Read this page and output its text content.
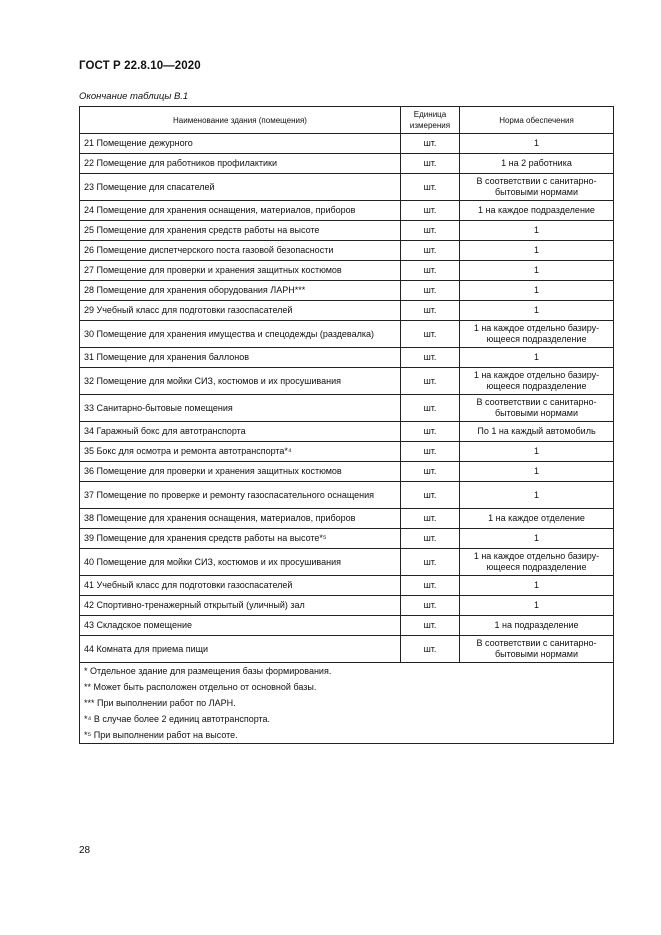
ГОСТ Р 22.8.10—2020
Окончание таблицы В.1
Наименование здания (помещения)	Единица измерения	Норма обеспечения
21 Помещение дежурного	шт.	1
22 Помещение для работников профилактики	шт.	1 на 2 работника
23 Помещение для спасателей	шт.	В соответствии с санитарно-бытовыми нормами
24 Помещение для хранения оснащения, материалов, приборов	шт.	1 на каждое подразделение
25 Помещение для хранения средств работы на высоте	шт.	1
26 Помещение диспетчерского поста газовой безопасности	шт.	1
27 Помещение для проверки и хранения защитных костюмов	шт.	1
28 Помещение для хранения оборудования ЛАРН***	шт.	1
29 Учебный класс для подготовки газоспасателей	шт.	1
30 Помещение для хранения имущества и спецодежды (раздевалка)	шт.	1 на каждое отдельно базиру-ющееся подразделение
31 Помещение для хранения баллонов	шт.	1
32 Помещение для мойки СИЗ, костюмов и их просушивания	шт.	1 на каждое отдельно базиру-ющееся подразделение
33 Санитарно-бытовые помещения	шт.	В соответствии с санитарно-бытовыми нормами
34 Гаражный бокс для автотранспорта	шт.	По 1 на каждый автомобиль
35 Бокс для осмотра и ремонта автотранспорта*⁴	шт.	1
36 Помещение для проверки и хранения защитных костюмов	шт.	1
37 Помещение по проверке и ремонту газоспасательного оснащения	шт.	1
38 Помещение для хранения оснащения, материалов, приборов	шт.	1 на каждое отделение
39 Помещение для хранения средств работы на высоте*⁵	шт.	1
40 Помещение для мойки СИЗ, костюмов и их просушивания	шт.	1 на каждое отдельно базиру-ющееся подразделение
41 Учебный класс для подготовки газоспасателей	шт.	1
42 Спортивно-тренажерный открытый (уличный) зал	шт.	1
43 Складское помещение	шт.	1 на подразделение
44 Комната для приема пищи	шт.	В соответствии с санитарно-бытовыми нормами

* Отдельное здание для размещения базы формирования.
** Может быть расположен отдельно от основной базы.
*** При выполнении работ по ЛАРН.
*⁴ В случае более 2 единиц автотранспорта.
*⁵ При выполнении работ на высоте.		
28
